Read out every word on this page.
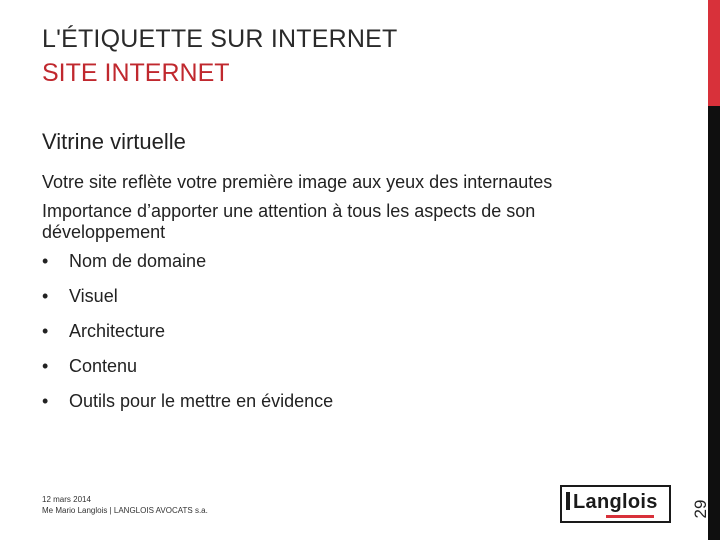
L'ÉTIQUETTE SUR INTERNET
SITE INTERNET
Vitrine virtuelle

Votre site reflète votre première image aux yeux des internautes

Importance d’apporter une attention à tous les aspects de son développement

•	Nom de domaine
•	Visuel
•	Architecture
•	Contenu
•	Outils pour le mettre en évidence
12 mars 2014
Me Mario Langlois | LANGLOIS AVOCATS s.a.	Langlois 29
